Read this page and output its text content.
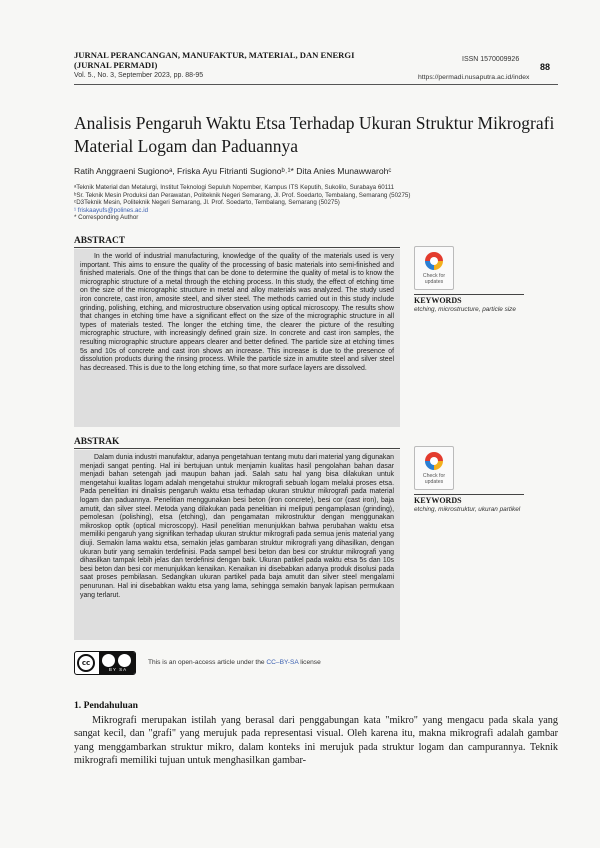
JURNAL PERANCANGAN, MANUFAKTUR, MATERIAL, DAN ENERGI (JURNAL PERMADI)
Vol. 5., No. 3, September 2023, pp. 88-95
ISSN 1570009926
88
https://permadi.nusaputra.ac.id/index
Analisis Pengaruh Waktu Etsa Terhadap Ukuran Struktur Mikrografi Material Logam dan Paduannya
Ratih Anggraeni Sugionoᵃ, Friska Ayu Fitrianti Sugionoᵇ˒¹* Dita Anies Munawwarohᶜ
ᵃTeknik Material dan Metalurgi, Institut Teknologi Sepuluh Nopember, Kampus ITS Keputih, Sukolilo, Surabaya 60111
ᵇSr. Teknik Mesin Produksi dan Perawatan, Politeknik Negeri Semarang, Jl. Prof. Soedarto, Tembalang, Semarang (50275)
ᶜD3Teknik Mesin, Politeknik Negeri Semarang, Jl. Prof. Soedarto, Tembalang, Semarang (50275)
¹ friskaayufs@polines.ac.id
* Corresponding Author
ABSTRACT

In the world of industrial manufacturing, knowledge of the quality of the materials used is very important. This aims to ensure the quality of the processing of basic materials into semi-finished and finished materials. One of the things that can be done to determine the quality of metal is to know the micrographic structure of a metal through the etching process. In this study, the effect of etching time on the size of the micrographic structure in metal and alloy materials was analyzed. The study used iron concrete, cast iron, amosite steel, and silver steel. The methods carried out in this study include grinding, polishing, etching, and microstructure observation using optical microscopy. The results show that changes in etching time have a significant effect on the size of the micrographic structure in all types of materials tested. The longer the etching time, the clearer the picture of the resulting micrographic structure, with increasingly defined grain size. In concrete and cast iron samples, the resulting micrographic structure appears clearer and better defined. The particle size at etching times 5s and 10s of concrete and cast iron shows an increase. This increase is due to the presence of dissolution products during the rinsing process. While the particle size in amutite steel and silver steel has decreased. This is due to the long etching time, so that more surface layers are dissolved.

Check for updates
KEYWORDS
etching, microstructure, particle size
ABSTRAK

Dalam dunia industri manufaktur, adanya pengetahuan tentang mutu dari material yang digunakan menjadi sangat penting. Hal ini bertujuan untuk menjamin kualitas hasil pengolahan bahan dasar menjadi bahan setengah jadi maupun bahan jadi. Salah satu hal yang bisa dilakukan untuk mengetahui kualitas logam adalah mengetahui struktur mikrografi sebuah logam melalui proses etsa. Pada penelitian ini dinalisis pengaruh waktu etsa terhadap ukuran struktur mikrografi pada material logam dan paduannya. Penelitian menggunakan besi beton (iron concrete), besi cor (cast iron), baja amutit, dan silver steel. Metoda yang dilakukan pada penelitian ini meliputi pengamplasan (grinding), pemolesan (polishing), etsa (etching), dan pengamatan mikrostruktur dengan menggunakan mikroskop optik (optical microscopy). Hasil penelitian menunjukkan bahwa perubahan waktu etsa memiliki pengaruh yang signifikan terhadap ukuran struktur mikrografi pada semua jenis material yang diuji. Semakin lama waktu etsa, semakin jelas gambaran struktur mikrografi yang dihasilkan, dengan ukuran butir yang semakin terdefinisi. Pada sampel besi beton dan besi cor struktur mikrografi yang dihasilkan tampak lebih jelas dan terdefinisi dengan baik. Ukuran patikel pada waktu etsa 5s dan 10s besi beton dan besi cor menunjukkan kenaikan. Kenaikan ini disebabkan adanya produk disolusi pada saat proses pembilasan. Sedangkan ukuran partikel pada baja amutit dan silver steel mengalami penurunan. Hal ini disebabkan waktu etsa yang lama, sehingga semakin banyak lapisan permukaan yang terlarut.

Check for updates
KEYWORDS
etching, mikrostruktur, ukuran partikel
cc
BY SA
This is an open-access article under the CC–BY-SA license
1. Pendahuluan

Mikrografi merupakan istilah yang berasal dari penggabungan kata "mikro" yang mengacu pada skala yang sangat kecil, dan "grafi" yang merujuk pada representasi visual. Oleh karena itu, makna mikrografi adalah gambar yang menggambarkan struktur mikro, dalam konteks ini merujuk pada struktur logam dan campurannya. Teknik mikrografi memiliki tujuan untuk menghasilkan gambar-
